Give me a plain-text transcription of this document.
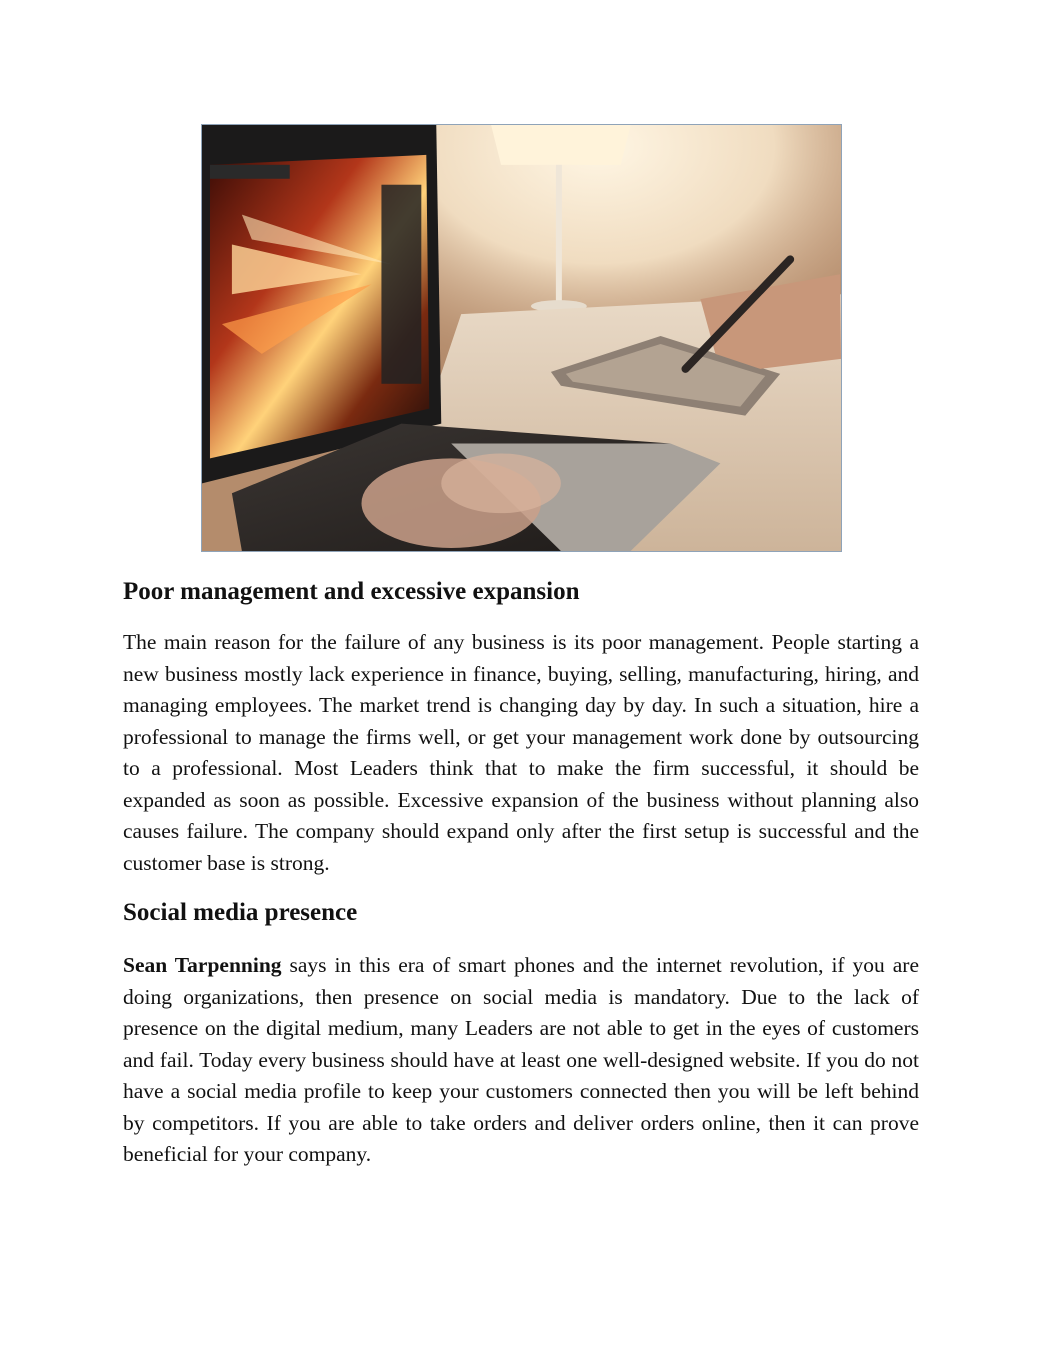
Poor management and excessive expansion

The main reason for the failure of any business is its poor management. People starting a new business mostly lack experience in finance, buying, selling, manufacturing, hiring, and managing employees. The market trend is changing day by day. In such a situation, hire a professional to manage the firms well, or get your management work done by outsourcing to a professional. Most Leaders think that to make the firm successful, it should be expanded as soon as possible. Excessive expansion of the business without planning also causes failure. The company should expand only after the first setup is successful and the customer base is strong.

Social media presence

Sean Tarpenning says in this era of smart phones and the internet revolution, if you are doing organizations, then presence on social media is mandatory. Due to the lack of presence on the digital medium, many Leaders are not able to get in the eyes of customers and fail. Today every business should have at least one well-designed website. If you do not have a social media profile to keep your customers connected then you will be left behind by competitors. If you are able to take orders and deliver orders online, then it can prove beneficial for your company.
